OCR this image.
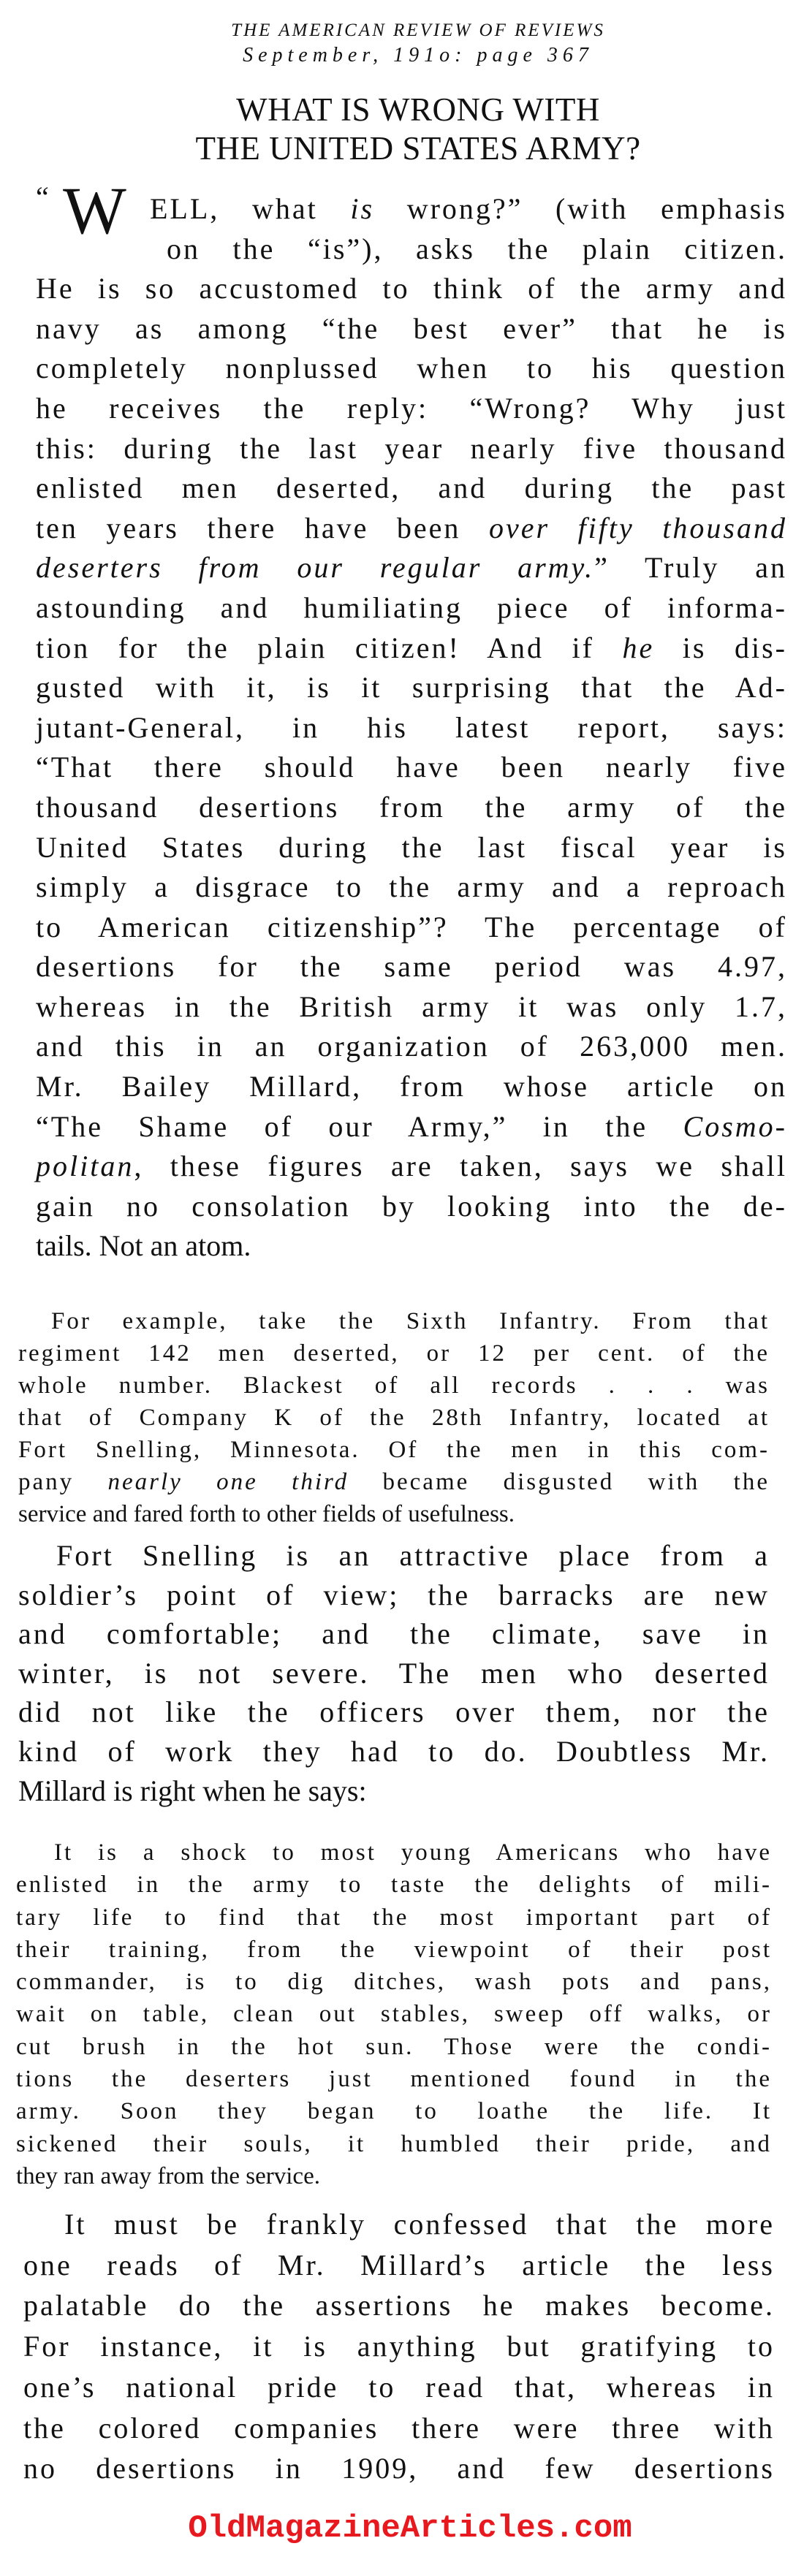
THE AMERICAN REVIEW OF REVIEWS
September, 191o: page 367
WHAT IS WRONG WITH
THE UNITED STATES ARMY?
“ W ELL, what is wrong?” (with emphasis
on the “is”), asks the plain citizen.
He is so accustomed to think of the army and
navy as among “the best ever” that he is
completely nonplussed when to his question
he receives the reply: “Wrong? Why just
this: during the last year nearly five thousand
enlisted men deserted, and during the past
ten years there have been over fifty thousand
deserters from our regular army.” Truly an
astounding and humiliating piece of informa-
tion for the plain citizen! And if he is dis-
gusted with it, is it surprising that the Ad-
jutant-General, in his latest report, says:
“That there should have been nearly five
thousand desertions from the army of the
United States during the last fiscal year is
simply a disgrace to the army and a reproach
to American citizenship”? The percentage of
desertions for the same period was 4.97,
whereas in the British army it was only 1.7,
and this in an organization of 263,000 men.
Mr. Bailey Millard, from whose article on
“The Shame of our Army,” in the Cosmo-
politan, these figures are taken, says we shall
gain no consolation by looking into the de-
tails. Not an atom.
For example, take the Sixth Infantry. From that
regiment 142 men deserted, or 12 per cent. of the
whole number. Blackest of all records . . . was
that of Company K of the 28th Infantry, located at
Fort Snelling, Minnesota. Of the men in this com-
pany nearly one third became disgusted with the
service and fared forth to other fields of usefulness.
Fort Snelling is an attractive place from a
soldier’s point of view; the barracks are new
and comfortable; and the climate, save in
winter, is not severe. The men who deserted
did not like the officers over them, nor the
kind of work they had to do. Doubtless Mr.
Millard is right when he says:
It is a shock to most young Americans who have
enlisted in the army to taste the delights of mili-
tary life to find that the most important part of
their training, from the viewpoint of their post
commander, is to dig ditches, wash pots and pans,
wait on table, clean out stables, sweep off walks, or
cut brush in the hot sun. Those were the condi-
tions the deserters just mentioned found in the
army. Soon they began to loathe the life. It
sickened their souls, it humbled their pride, and
they ran away from the service.
It must be frankly confessed that the more
one reads of Mr. Millard’s article the less
palatable do the assertions he makes become.
For instance, it is anything but gratifying to
one’s national pride to read that, whereas in
the colored companies there were three with
no desertions in 1909, and few desertions
OldMagazineArticles.com
